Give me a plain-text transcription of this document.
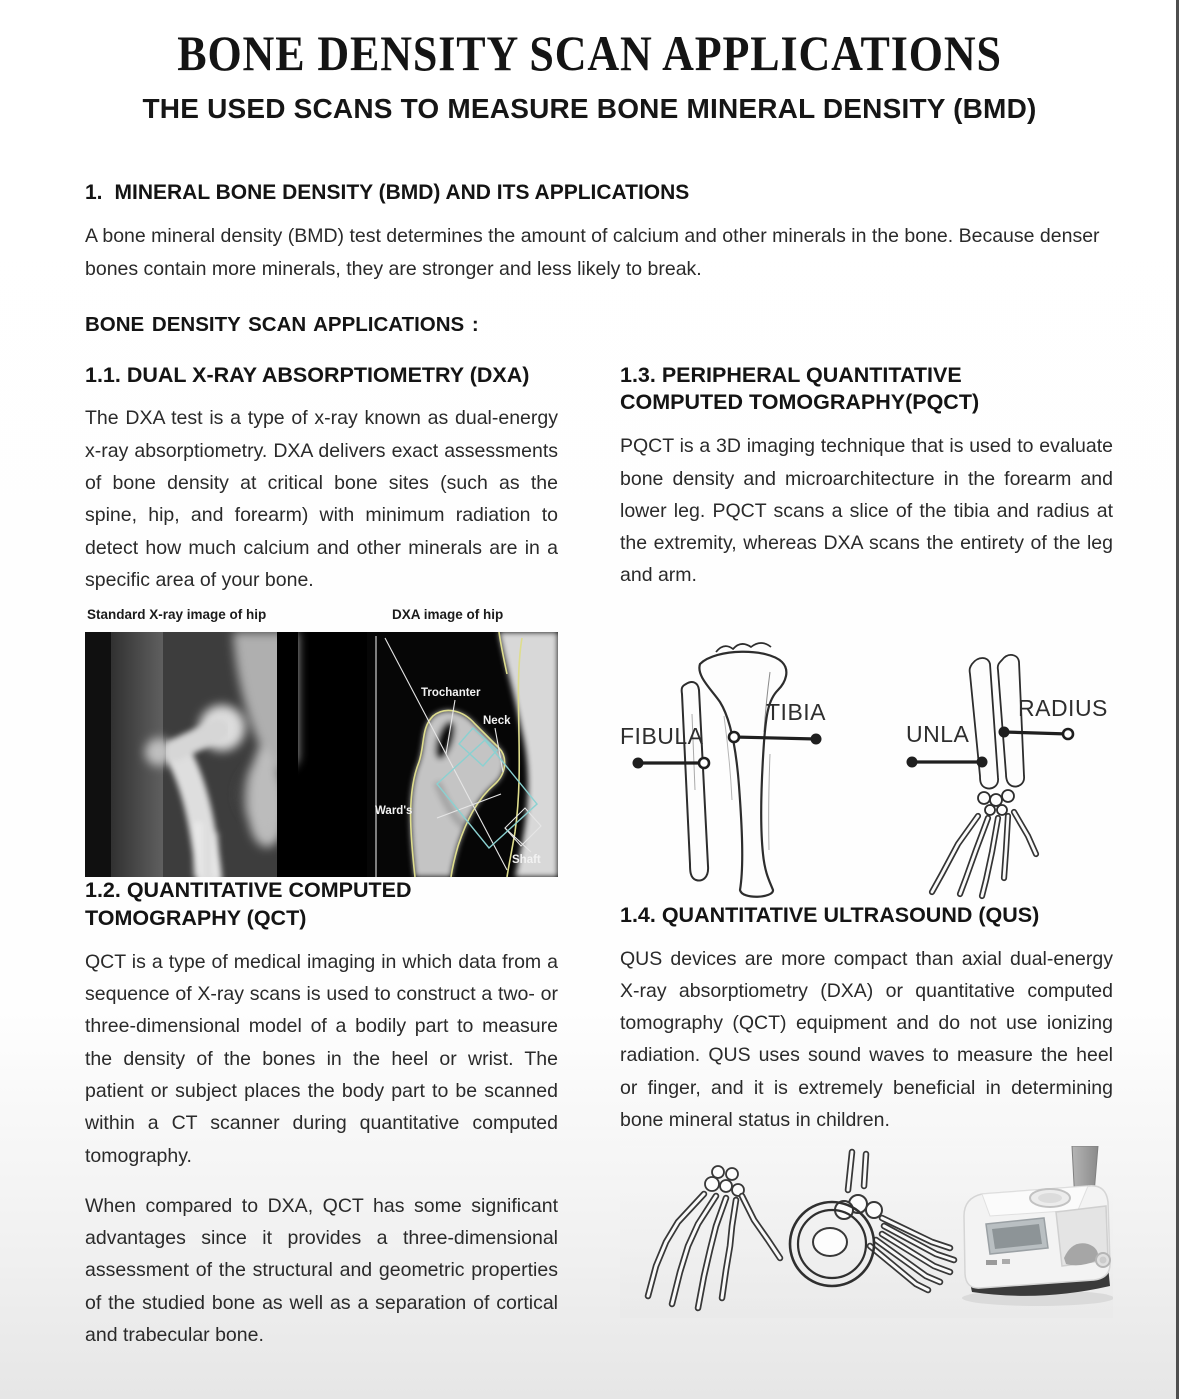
BONE DENSITY SCAN APPLICATIONS
THE USED SCANS TO MEASURE BONE MINERAL DENSITY (BMD)
1. MINERAL BONE DENSITY (BMD) AND ITS APPLICATIONS

A bone mineral density (BMD) test determines the amount of calcium and other minerals in the bone. Because denser bones contain more minerals, they are stronger and less likely to break.

BONE DENSITY SCAN APPLICATIONS :
1.1. DUAL X-RAY ABSORPTIOMETRY (DXA)

The DXA test is a type of x-ray known as dual-energy x-ray absorptiometry. DXA delivers exact assessments of bone density at critical bone sites (such as the spine, hip, and forearm) with minimum radiation to detect how much calcium and other minerals are in a specific area of your bone.

Standard X-ray image of hip	DXA image of hip
Trochanter
Neck
Ward's
Shaft
1.2. QUANTITATIVE COMPUTED TOMOGRAPHY (QCT)

QCT is a type of medical imaging in which data from a sequence of X-ray scans is used to construct a two- or three-dimensional model of a bodily part to measure the density of the bones in the heel or wrist. The patient or subject places the body part to be scanned within a CT scanner during quantitative computed tomography.

When compared to DXA, QCT has some significant advantages since it provides a three-dimensional assessment of the structural and geometric properties of the studied bone as well as a separation of cortical and trabecular bone.

1.3. PERIPHERAL QUANTITATIVE COMPUTED TOMOGRAPHY(PQCT)

PQCT is a 3D imaging technique that is used to evaluate bone density and microarchitecture in the forearm and lower leg. PQCT scans a slice of the tibia and radius at the extremity, whereas DXA scans the entirety of the leg and arm.

FIBULA
TIBIA
UNLA
RADIUS
1.4. QUANTITATIVE ULTRASOUND (QUS)

QUS devices are more compact than axial dual-energy X-ray absorptiometry (DXA) or quantitative computed tomography (QCT) equipment and do not use ionizing radiation. QUS uses sound waves to measure the heel or finger, and it is extremely beneficial in determining bone mineral status in children.
